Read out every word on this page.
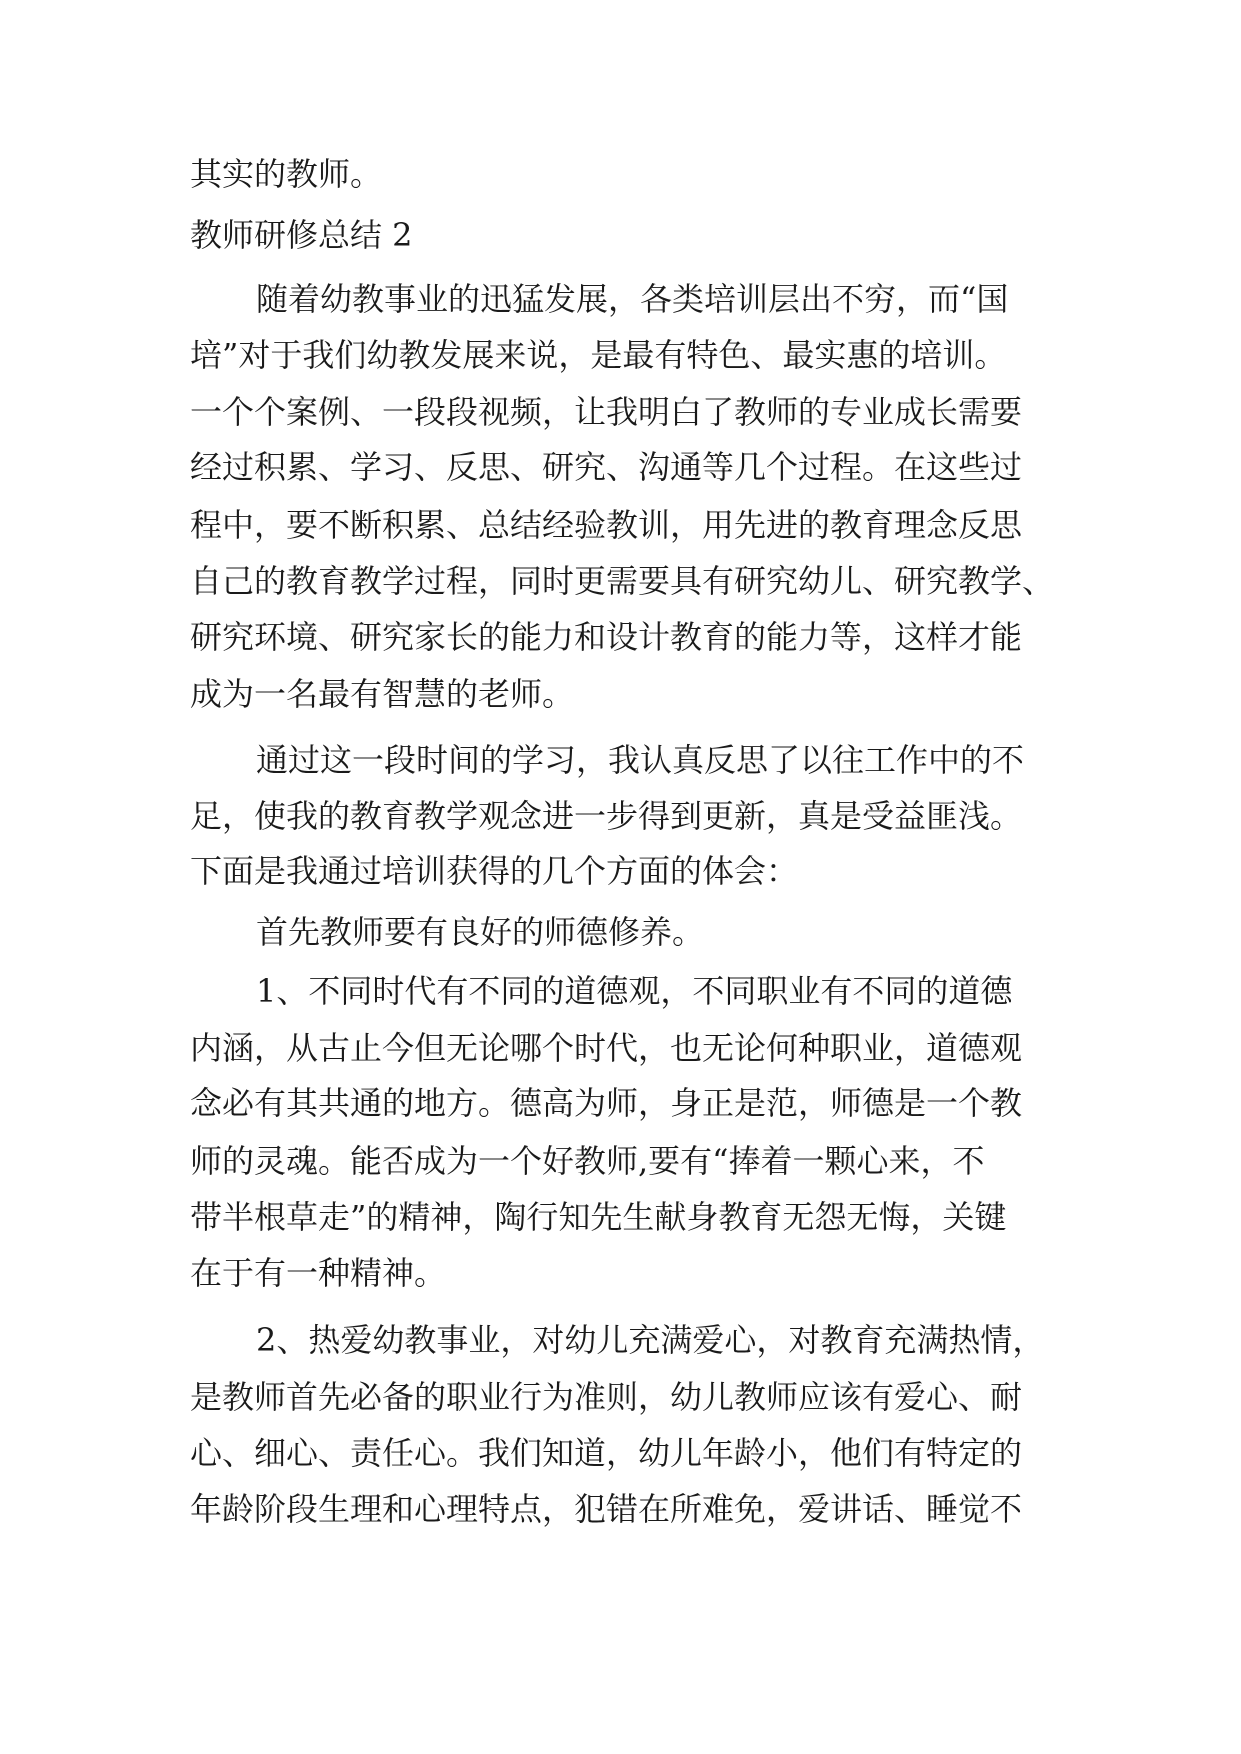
其实的教师。
教师研修总结 2
随着幼教事业的迅猛发展，各类培训层出不穷，而“国
培”对于我们幼教发展来说，是最有特色、最实惠的培训。
一个个案例、一段段视频，让我明白了教师的专业成长需要
经过积累、学习、反思、研究、沟通等几个过程。在这些过
程中，要不断积累、总结经验教训，用先进的教育理念反思
自己的教育教学过程，同时更需要具有研究幼儿、研究教学、
研究环境、研究家长的能力和设计教育的能力等，这样才能
成为一名最有智慧的老师。
通过这一段时间的学习，我认真反思了以往工作中的不
足，使我的教育教学观念进一步得到更新，真是受益匪浅。
下面是我通过培训获得的几个方面的体会：
首先教师要有良好的师德修养。
1、不同时代有不同的道德观，不同职业有不同的道德
内涵，从古止今但无论哪个时代，也无论何种职业，道德观
念必有其共通的地方。德高为师，身正是范，师德是一个教
师的灵魂。能否成为一个好教师,要有“捧着一颗心来，不
带半根草走”的精神，陶行知先生献身教育无怨无悔，关键
在于有一种精神。
2、热爱幼教事业，对幼儿充满爱心，对教育充满热情，
是教师首先必备的职业行为准则，幼儿教师应该有爱心、耐
心、细心、责任心。我们知道，幼儿年龄小，他们有特定的
年龄阶段生理和心理特点，犯错在所难免，爱讲话、睡觉不
